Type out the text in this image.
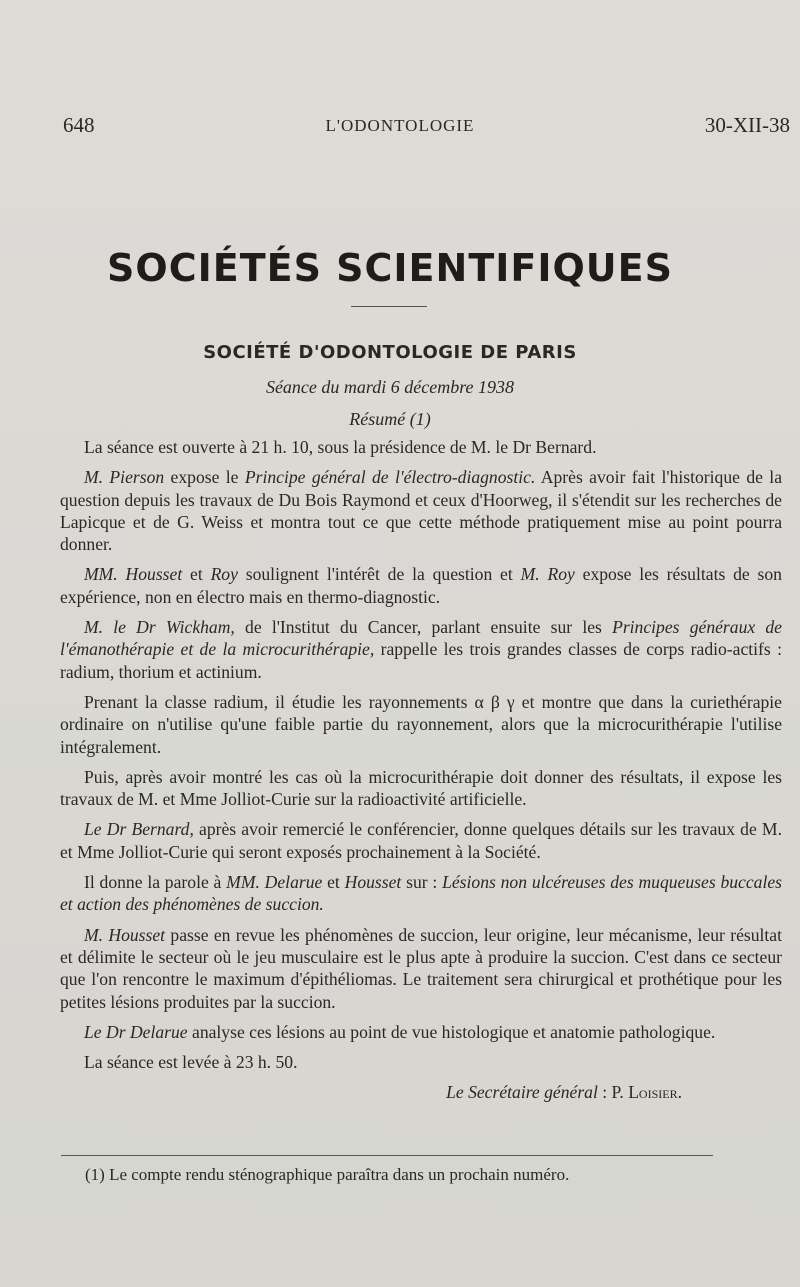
648	L'ODONTOLOGIE	30-XII-38
SOCIÉTÉS SCIENTIFIQUES
SOCIÉTÉ D'ODONTOLOGIE DE PARIS
Séance du mardi 6 décembre 1938
Résumé (1)

La séance est ouverte à 21 h. 10, sous la présidence de M. le Dr Bernard.

M. Pierson expose le Principe général de l'électro-diagnostic. Après avoir fait l'historique de la question depuis les travaux de Du Bois Raymond et ceux d'Hoorweg, il s'étendit sur les recherches de Lapicque et de G. Weiss et montra tout ce que cette méthode pratiquement mise au point pourra donner.

MM. Housset et Roy soulignent l'intérêt de la question et M. Roy expose les résultats de son expérience, non en électro mais en thermo-diagnostic.

M. le Dr Wickham, de l'Institut du Cancer, parlant ensuite sur les Principes généraux de l'émanothérapie et de la microcurithérapie, rappelle les trois grandes classes de corps radio-actifs : radium, thorium et actinium.

Prenant la classe radium, il étudie les rayonnements α β γ et montre que dans la curiethérapie ordinaire on n'utilise qu'une faible partie du rayonnement, alors que la microcurithérapie l'utilise intégralement.

Puis, après avoir montré les cas où la microcurithérapie doit donner des résultats, il expose les travaux de M. et Mme Jolliot-Curie sur la radioactivité artificielle.

Le Dr Bernard, après avoir remercié le conférencier, donne quelques détails sur les travaux de M. et Mme Jolliot-Curie qui seront exposés prochainement à la Société.

Il donne la parole à MM. Delarue et Housset sur : Lésions non ulcéreuses des muqueuses buccales et action des phénomènes de succion.

M. Housset passe en revue les phénomènes de succion, leur origine, leur mécanisme, leur résultat et délimite le secteur où le jeu musculaire est le plus apte à produire la succion. C'est dans ce secteur que l'on rencontre le maximum d'épithéliomas. Le traitement sera chirurgical et prothétique pour les petites lésions produites par la succion.

Le Dr Delarue analyse ces lésions au point de vue histologique et anatomie pathologique.

La séance est levée à 23 h. 50.

Le Secrétaire général : P. Loisier.

(1) Le compte rendu sténographique paraîtra dans un prochain numéro.
